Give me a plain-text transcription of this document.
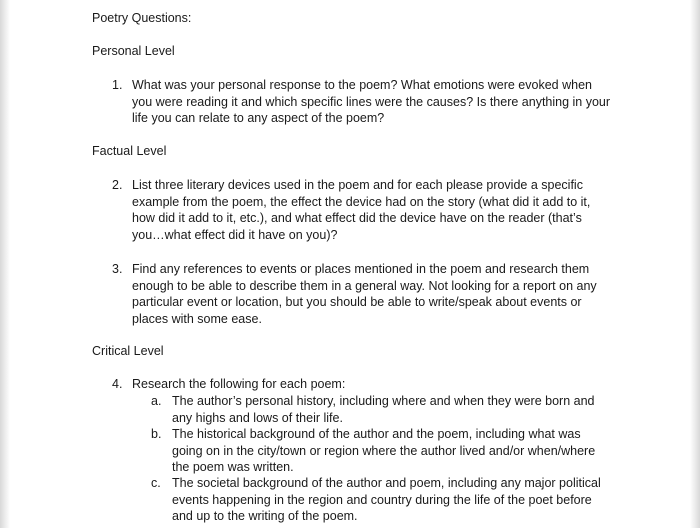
Poetry Questions:
Personal Level
1. What was your personal response to the poem? What emotions were evoked when you were reading it and which specific lines were the causes? Is there anything in your life you can relate to any aspect of the poem?
Factual Level
2. List three literary devices used in the poem and for each please provide a specific example from the poem, the effect the device had on the story (what did it add to it, how did it add to it, etc.), and what effect did the device have on the reader (that’s you…what effect did it have on you)?
3. Find any references to events or places mentioned in the poem and research them enough to be able to describe them in a general way. Not looking for a report on any particular event or location, but you should be able to write/speak about events or places with some ease.
Critical Level
4. Research the following for each poem:
a. The author’s personal history, including where and when they were born and any highs and lows of their life.
b. The historical background of the author and the poem, including what was going on in the city/town or region where the author lived and/or when/where the poem was written.
c. The societal background of the author and poem, including any major political events happening in the region and country during the life of the poet before and up to the writing of the poem.
